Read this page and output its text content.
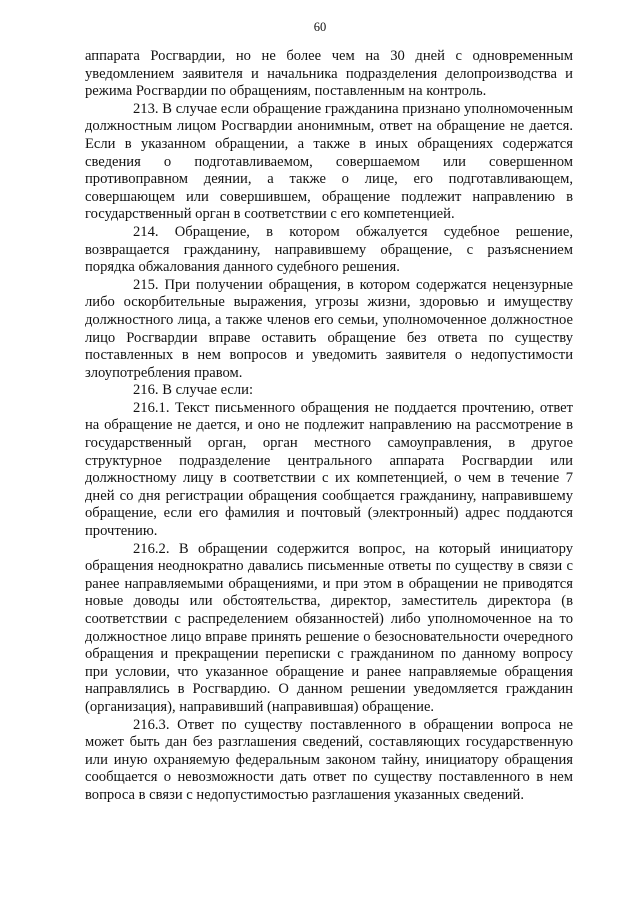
60

аппарата Росгвардии, но не более чем на 30 дней с одновременным уведомлением заявителя и начальника подразделения делопроизводства и режима Росгвардии по обращениям, поставленным на контроль.

213. В случае если обращение гражданина признано уполномоченным должностным лицом Росгвардии анонимным, ответ на обращение не дается. Если в указанном обращении, а также в иных обращениях содержатся сведения о подготавливаемом, совершаемом или совершенном противоправном деянии, а также о лице, его подготавливающем, совершающем или совершившем, обращение подлежит направлению в государственный орган в соответствии с его компетенцией.

214. Обращение, в котором обжалуется судебное решение, возвращается гражданину, направившему обращение, с разъяснением порядка обжалования данного судебного решения.

215. При получении обращения, в котором содержатся нецензурные либо оскорбительные выражения, угрозы жизни, здоровью и имуществу должностного лица, а также членов его семьи, уполномоченное должностное лицо Росгвардии вправе оставить обращение без ответа по существу поставленных в нем вопросов и уведомить заявителя о недопустимости злоупотребления правом.

216. В случае если:

216.1. Текст письменного обращения не поддается прочтению, ответ на обращение не дается, и оно не подлежит направлению на рассмотрение в государственный орган, орган местного самоуправления, в другое структурное подразделение центрального аппарата Росгвардии или должностному лицу в соответствии с их компетенцией, о чем в течение 7 дней со дня регистрации обращения сообщается гражданину, направившему обращение, если его фамилия и почтовый (электронный) адрес поддаются прочтению.

216.2. В обращении содержится вопрос, на который инициатору обращения неоднократно давались письменные ответы по существу в связи с ранее направляемыми обращениями, и при этом в обращении не приводятся новые доводы или обстоятельства, директор, заместитель директора (в соответствии с распределением обязанностей) либо уполномоченное на то должностное лицо вправе принять решение о безосновательности очередного обращения и прекращении переписки с гражданином по данному вопросу при условии, что указанное обращение и ранее направляемые обращения направлялись в Росгвардию. О данном решении уведомляется гражданин (организация), направивший (направившая) обращение.

216.3. Ответ по существу поставленного в обращении вопроса не может быть дан без разглашения сведений, составляющих государственную или иную охраняемую федеральным законом тайну, инициатору обращения сообщается о невозможности дать ответ по существу поставленного в нем вопроса в связи с недопустимостью разглашения указанных сведений.
